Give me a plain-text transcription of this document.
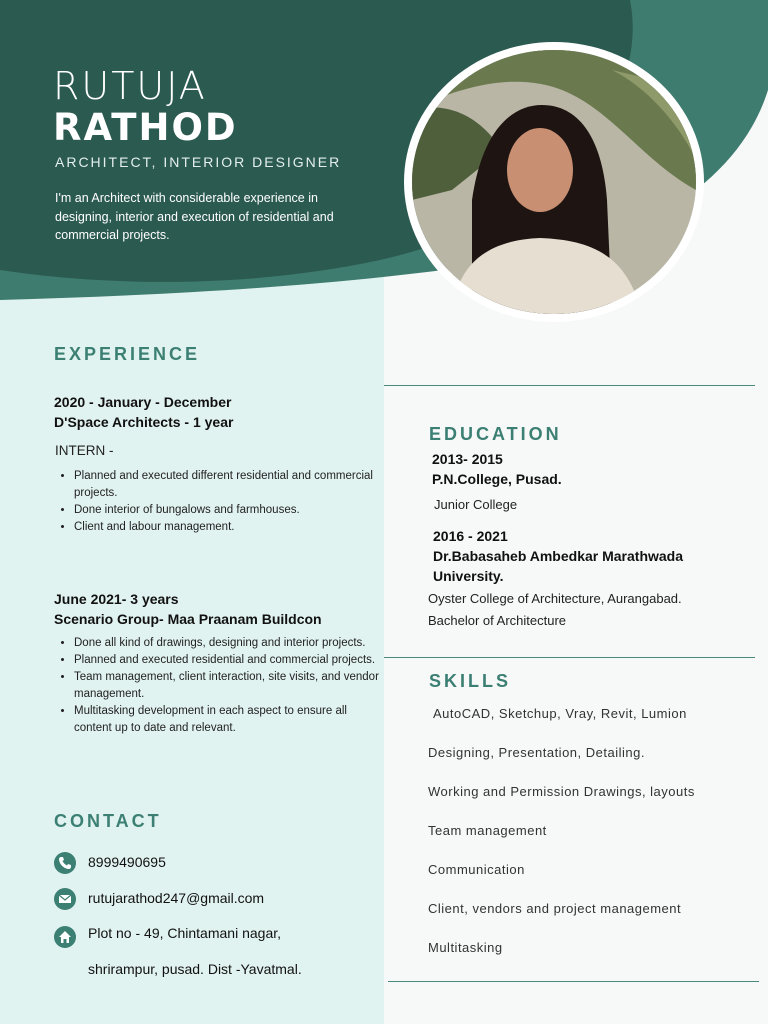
RUTUJA
RATHOD
ARCHITECT, INTERIOR DESIGNER
I'm an Architect with considerable experience in designing, interior and execution of residential and commercial projects.
EXPERIENCE
2020 - January - December
D'Space Architects - 1 year
INTERN -
• Planned and executed different residential and commercial projects.
• Done interior of bungalows and farmhouses.
• Client and labour management.
June 2021- 3 years
Scenario Group- Maa Praanam Buildcon
• Done all kind of drawings, designing and interior projects.
• Planned and executed residential and commercial projects.
• Team management, client interaction, site visits, and vendor management.
• Multitasking development in each aspect to ensure all content up to date and relevant.
CONTACT
8999490695
rutujarathod247@gmail.com
Plot no - 49, Chintamani nagar,
shrirampur, pusad. Dist -Yavatmal.
EDUCATION
2013- 2015
P.N.College, Pusad.
Junior College
2016 - 2021
Dr.Babasaheb Ambedkar Marathwada
University.
Oyster College of Architecture, Aurangabad.
Bachelor of Architecture
SKILLS
AutoCAD, Sketchup, Vray, Revit, Lumion
Designing, Presentation, Detailing.
Working and Permission Drawings, layouts
Team management
Communication
Client, vendors and project management
Multitasking
